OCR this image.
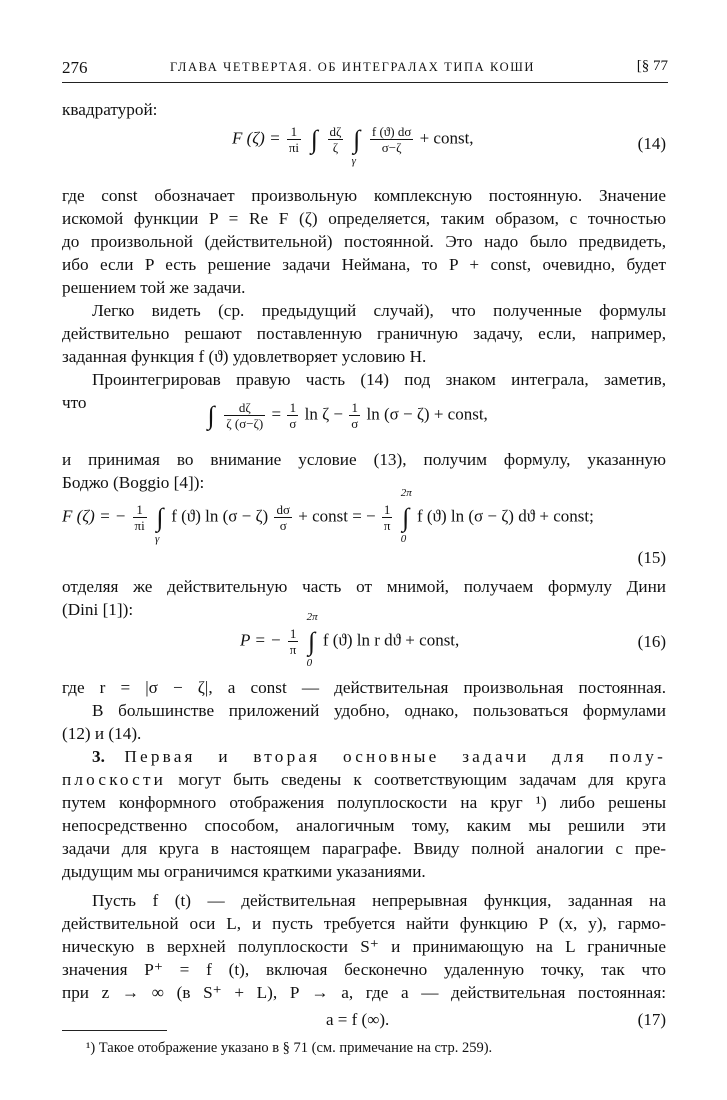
276	ГЛАВА ЧЕТВЕРТАЯ. ОБ ИНТЕГРАЛАХ ТИПА КОШИ	[§ 77
квадратурой:
F $(\zeta) = \frac{1}{\pi i}$ ∫ $\frac{d\zeta}{\zeta}$ ∫
γ

$\frac{f (ϑ) d\sigma}{\sigma-\zeta}$ + const,	(14)
где const обозначает произвольную комплексную постоянную. Значение
искомой функции P = Re F (ζ) определяется, таким образом, с точностью
до произвольной (действительной) постоянной. Это надо было предвидеть,
ибо если P есть решение задачи Неймана, то P + const, очевидно, будет
решением той же задачи.
Легко видеть (ср. предыдущий случай), что полученные формулы
действительно решают поставленную граничную задачу, если, например,
заданная функция f (ϑ) удовлетворяет условию H.
Проинтегрировав правую часть (14) под знаком интеграла, заметив,
что	∫ $\frac{d\zeta}{\zeta (\sigma-\zeta)} = \frac{1}{\sigma}$ $\ln \zeta - \frac{1}{\sigma}$ ln (σ − ζ) + const,
и принимая во внимание условие (13), получим формулу, указанную
Боджо (Boggio [4]):
F (ζ) = − $\frac{1}{\pi i}$ ∫
γ
f (ϑ) $\ln (\sigma - \zeta) \frac{d\sigma}{\sigma}$ + const = − $\frac{1}{\pi}$ ∫
2π
0
f (ϑ) ln (σ − ζ) dϑ + const;
(15)
отделяя же действительную часть от мнимой, получаем формулу Дини
(Dini [1]):
P = − $\frac{1}{\pi}$ ∫
2π
0
f (ϑ) ln r dϑ + const,	(16)
где r = |σ − ζ|, а const — действительная произвольная постоянная.
В большинстве приложений удобно, однако, пользоваться формулами
(12) и (14).
3. Первая и вторая основные задачи для полу-
плоскости могут быть сведены к соответствующим задачам для круга
путем конформного отображения полуплоскости на круг ¹) либо решены
непосредственно способом, аналогичным тому, каким мы решили эти
задачи для круга в настоящем параграфе. Ввиду полной аналогии с пре-
дыдущим мы ограничимся краткими указаниями.
Пусть f (t) — действительная непрерывная функция, заданная на
действительной оси L, и пусть требуется найти функцию P (x, y), гармо-
ническую в верхней полуплоскости S⁺ и принимающую на L граничные
значения P⁺ = f (t), включая бесконечно удаленную точку, так что
при z → ∞ (в S⁺ + L), P → a, где a — действительная постоянная:
a = f (∞).	(17)
¹) Такое отображение указано в § 71 (см. примечание на стр. 259).
